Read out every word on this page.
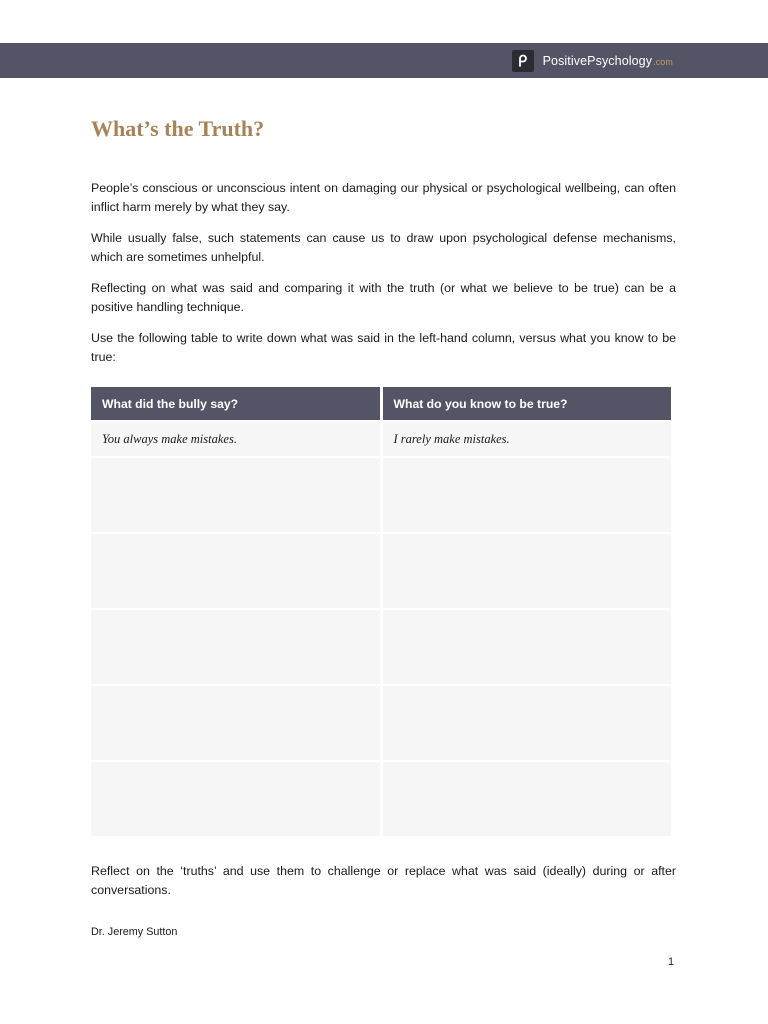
PositivePsychology.com
What’s the Truth?

People’s conscious or unconscious intent on damaging our physical or psychological wellbeing, can often inflict harm merely by what they say.

While usually false, such statements can cause us to draw upon psychological defense mechanisms, which are sometimes unhelpful.

Reflecting on what was said and comparing it with the truth (or what we believe to be true) can be a positive handling technique.

Use the following table to write down what was said in the left-hand column, versus what you know to be true:

What did the bully say?	What do you know to be true?
You always make mistakes.	I rarely make mistakes.

Reflect on the ‘truths’ and use them to challenge or replace what was said (ideally) during or after conversations.

Dr. Jeremy Sutton

1
